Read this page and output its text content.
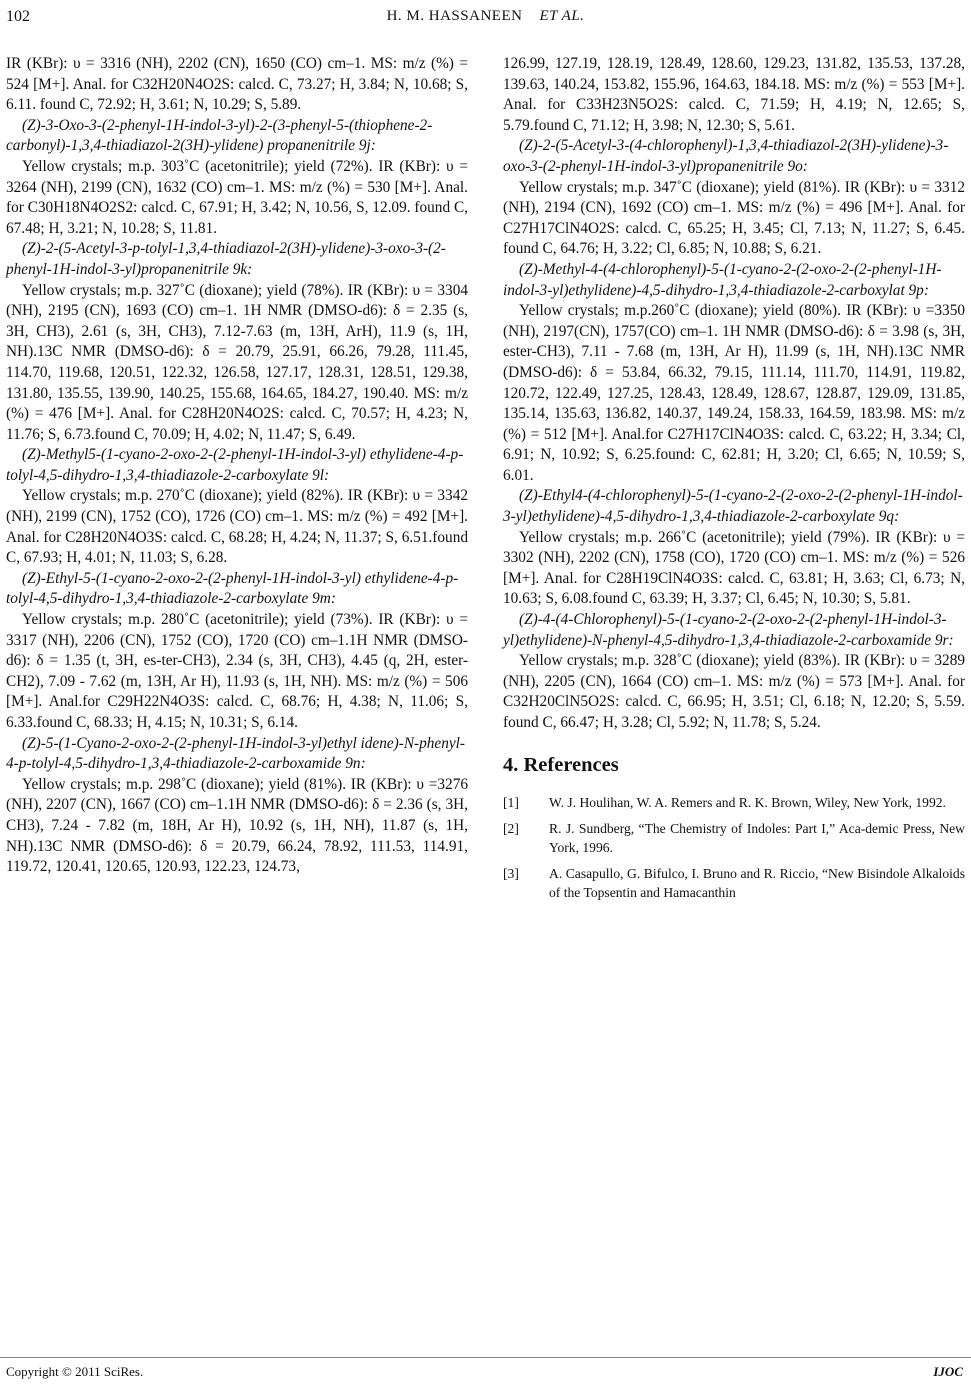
102	H. M. HASSANEEN ET AL.

IR (KBr): υ = 3316 (NH), 2202 (CN), 1650 (CO) cm–1. MS: m/z (%) = 524 [M+]. Anal. for C32H20N4O2S: calcd. C, 73.27; H, 3.84; N, 10.68; S, 6.11. found C, 72.92; H, 3.61; N, 10.29; S, 5.89.

(Z)-3-Oxo-3-(2-phenyl-1H-indol-3-yl)-2-(3-phenyl-5-(thiophene-2-carbonyl)-1,3,4-thiadiazol-2(3H)-ylidene) propanenitrile 9j:

Yellow crystals; m.p. 303˚C (acetonitrile); yield (72%). IR (KBr): υ = 3264 (NH), 2199 (CN), 1632 (CO) cm–1. MS: m/z (%) = 530 [M+]. Anal. for C30H18N4O2S2: calcd. C, 67.91; H, 3.42; N, 10.56, S, 12.09. found C, 67.48; H, 3.21; N, 10.28; S, 11.81.

(Z)-2-(5-Acetyl-3-p-tolyl-1,3,4-thiadiazol-2(3H)-ylidene)-3-oxo-3-(2-phenyl-1H-indol-3-yl)propanenitrile 9k:

Yellow crystals; m.p. 327˚C (dioxane); yield (78%). IR (KBr): υ = 3304 (NH), 2195 (CN), 1693 (CO) cm–1. 1H NMR (DMSO-d6): δ = 2.35 (s, 3H, CH3), 2.61 (s, 3H, CH3), 7.12-7.63 (m, 13H, ArH), 11.9 (s, 1H, NH).13C NMR (DMSO-d6): δ = 20.79, 25.91, 66.26, 79.28, 111.45, 114.70, 119.68, 120.51, 122.32, 126.58, 127.17, 128.31, 128.51, 129.38, 131.80, 135.55, 139.90, 140.25, 155.68, 164.65, 184.27, 190.40. MS: m/z (%) = 476 [M+]. Anal. for C28H20N4O2S: calcd. C, 70.57; H, 4.23; N, 11.76; S, 6.73.found C, 70.09; H, 4.02; N, 11.47; S, 6.49.

(Z)-Methyl5-(1-cyano-2-oxo-2-(2-phenyl-1H-indol-3-yl) ethylidene-4-p-tolyl-4,5-dihydro-1,3,4-thiadiazole-2-carboxylate 9l:

Yellow crystals; m.p. 270˚C (dioxane); yield (82%). IR (KBr): υ = 3342 (NH), 2199 (CN), 1752 (CO), 1726 (CO) cm–1. MS: m/z (%) = 492 [M+]. Anal. for C28H20N4O3S: calcd. C, 68.28; H, 4.24; N, 11.37; S, 6.51.found C, 67.93; H, 4.01; N, 11.03; S, 6.28.

(Z)-Ethyl-5-(1-cyano-2-oxo-2-(2-phenyl-1H-indol-3-yl) ethylidene-4-p-tolyl-4,5-dihydro-1,3,4-thiadiazole-2-carboxylate 9m:

Yellow crystals; m.p. 280˚C (acetonitrile); yield (73%). IR (KBr): υ = 3317 (NH), 2206 (CN), 1752 (CO), 1720 (CO) cm–1.1H NMR (DMSO-d6): δ = 1.35 (t, 3H, es-ter-CH3), 2.34 (s, 3H, CH3), 4.45 (q, 2H, ester-CH2), 7.09 - 7.62 (m, 13H, Ar H), 11.93 (s, 1H, NH). MS: m/z (%) = 506 [M+]. Anal.for C29H22N4O3S: calcd. C, 68.76; H, 4.38; N, 11.06; S, 6.33.found C, 68.33; H, 4.15; N, 10.31; S, 6.14.

(Z)-5-(1-Cyano-2-oxo-2-(2-phenyl-1H-indol-3-yl)ethyl idene)-N-phenyl-4-p-tolyl-4,5-dihydro-1,3,4-thiadiazole-2-carboxamide 9n:

Yellow crystals; m.p. 298˚C (dioxane); yield (81%). IR (KBr): υ =3276 (NH), 2207 (CN), 1667 (CO) cm–1.1H NMR (DMSO-d6): δ = 2.36 (s, 3H, CH3), 7.24 - 7.82 (m, 18H, Ar H), 10.92 (s, 1H, NH), 11.87 (s, 1H, NH).13C NMR (DMSO-d6): δ = 20.79, 66.24, 78.92, 111.53, 114.91, 119.72, 120.41, 120.65, 120.93, 122.23, 124.73,

126.99, 127.19, 128.19, 128.49, 128.60, 129.23, 131.82, 135.53, 137.28, 139.63, 140.24, 153.82, 155.96, 164.63, 184.18. MS: m/z (%) = 553 [M+]. Anal. for C33H23N5O2S: calcd. C, 71.59; H, 4.19; N, 12.65; S, 5.79.found C, 71.12; H, 3.98; N, 12.30; S, 5.61.

(Z)-2-(5-Acetyl-3-(4-chlorophenyl)-1,3,4-thiadiazol-2(3H)-ylidene)-3-oxo-3-(2-phenyl-1H-indol-3-yl)propanenitrile 9o:

Yellow crystals; m.p. 347˚C (dioxane); yield (81%). IR (KBr): υ = 3312 (NH), 2194 (CN), 1692 (CO) cm–1. MS: m/z (%) = 496 [M+]. Anal. for C27H17ClN4O2S: calcd. C, 65.25; H, 3.45; Cl, 7.13; N, 11.27; S, 6.45. found C, 64.76; H, 3.22; Cl, 6.85; N, 10.88; S, 6.21.

(Z)-Methyl-4-(4-chlorophenyl)-5-(1-cyano-2-(2-oxo-2-(2-phenyl-1H-indol-3-yl)ethylidene)-4,5-dihydro-1,3,4-thiadiazole-2-carboxylat 9p:

Yellow crystals; m.p.260˚C (dioxane); yield (80%). IR (KBr): υ =3350 (NH), 2197(CN), 1757(CO) cm–1. 1H NMR (DMSO-d6): δ = 3.98 (s, 3H, ester-CH3), 7.11 - 7.68 (m, 13H, Ar H), 11.99 (s, 1H, NH).13C NMR (DMSO-d6): δ = 53.84, 66.32, 79.15, 111.14, 111.70, 114.91, 119.82, 120.72, 122.49, 127.25, 128.43, 128.49, 128.67, 128.87, 129.09, 131.85, 135.14, 135.63, 136.82, 140.37, 149.24, 158.33, 164.59, 183.98. MS: m/z (%) = 512 [M+]. Anal.for C27H17ClN4O3S: calcd. C, 63.22; H, 3.34; Cl, 6.91; N, 10.92; S, 6.25.found: C, 62.81; H, 3.20; Cl, 6.65; N, 10.59; S, 6.01.

(Z)-Ethyl4-(4-chlorophenyl)-5-(1-cyano-2-(2-oxo-2-(2-phenyl-1H-indol-3-yl)ethylidene)-4,5-dihydro-1,3,4-thiadiazole-2-carboxylate 9q:

Yellow crystals; m.p. 266˚C (acetonitrile); yield (79%). IR (KBr): υ = 3302 (NH), 2202 (CN), 1758 (CO), 1720 (CO) cm–1. MS: m/z (%) = 526 [M+]. Anal. for C28H19ClN4O3S: calcd. C, 63.81; H, 3.63; Cl, 6.73; N, 10.63; S, 6.08.found C, 63.39; H, 3.37; Cl, 6.45; N, 10.30; S, 5.81.

(Z)-4-(4-Chlorophenyl)-5-(1-cyano-2-(2-oxo-2-(2-phenyl-1H-indol-3-yl)ethylidene)-N-phenyl-4,5-dihydro-1,3,4-thiadiazole-2-carboxamide 9r:

Yellow crystals; m.p. 328˚C (dioxane); yield (83%). IR (KBr): υ = 3289 (NH), 2205 (CN), 1664 (CO) cm–1. MS: m/z (%) = 573 [M+]. Anal. for C32H20ClN5O2S: calcd. C, 66.95; H, 3.51; Cl, 6.18; N, 12.20; S, 5.59. found C, 66.47; H, 3.28; Cl, 5.92; N, 11.78; S, 5.24.

4. References
[1] W. J. Houlihan, W. A. Remers and R. K. Brown, Wiley, New York, 1992.
[2] R. J. Sundberg, “The Chemistry of Indoles: Part I,” Aca-demic Press, New York, 1996.
[3] A. Casapullo, G. Bifulco, I. Bruno and R. Riccio, “New Bisindole Alkaloids of the Topsentin and Hamacanthin
Copyright © 2011 SciRes.	IJOC
